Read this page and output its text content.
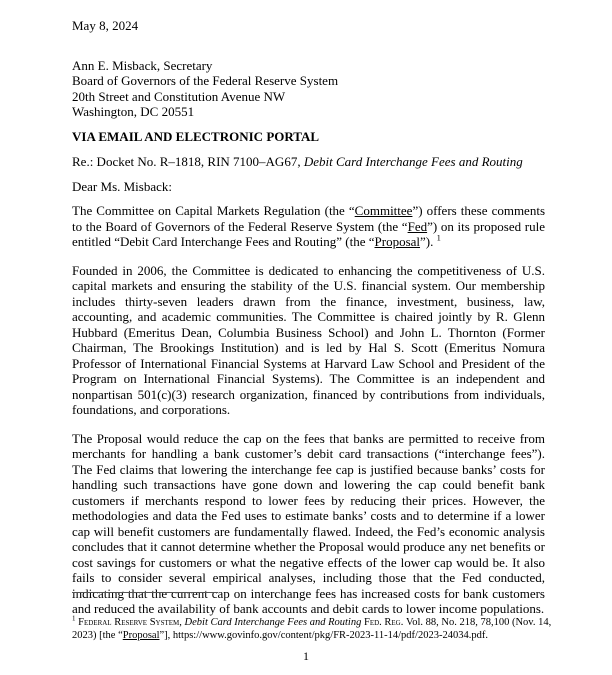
May 8, 2024
Ann E. Misback, Secretary
Board of Governors of the Federal Reserve System
20th Street and Constitution Avenue NW
Washington, DC 20551
VIA EMAIL AND ELECTRONIC PORTAL
Re.: Docket No. R–1818, RIN 7100–AG67, Debit Card Interchange Fees and Routing
Dear Ms. Misback:

The Committee on Capital Markets Regulation (the “Committee”) offers these comments to the Board of Governors of the Federal Reserve System (the “Fed”) on its proposed rule entitled “Debit Card Interchange Fees and Routing” (the “Proposal”). $^1$

Founded in 2006, the Committee is dedicated to enhancing the competitiveness of U.S. capital markets and ensuring the stability of the U.S. financial system. Our membership includes thirty-seven leaders drawn from the finance, investment, business, law, accounting, and academic communities. The Committee is chaired jointly by R. Glenn Hubbard (Emeritus Dean, Columbia Business School) and John L. Thornton (Former Chairman, The Brookings Institution) and is led by Hal S. Scott (Emeritus Nomura Professor of International Financial Systems at Harvard Law School and President of the Program on International Financial Systems). The Committee is an independent and nonpartisan 501(c)(3) research organization, financed by contributions from individuals, foundations, and corporations.

The Proposal would reduce the cap on the fees that banks are permitted to receive from merchants for handling a bank customer’s debit card transactions (“interchange fees”). The Fed claims that lowering the interchange fee cap is justified because banks’ costs for handling such transactions have gone down and lowering the cap could benefit bank customers if merchants respond to lower fees by reducing their prices. However, the methodologies and data the Fed uses to estimate banks’ costs and to determine if a lower cap will benefit customers are fundamentally flawed. Indeed, the Fed’s economic analysis concludes that it cannot determine whether the Proposal would produce any net benefits or cost savings for customers or what the negative effects of the lower cap would be. It also fails to consider several empirical analyses, including those that the Fed conducted, indicating that the current cap on interchange fees has increased costs for bank customers and reduced the availability of bank accounts and debit cards to lower income populations.

$^1$ Federal Reserve System, Debit Card Interchange Fees and Routing Fed. Reg. Vol. 88, No. 218, 78,100 (Nov. 14, 2023) [the “Proposal”], https://www.govinfo.gov/content/pkg/FR-2023-11-14/pdf/2023-24034.pdf.
1
